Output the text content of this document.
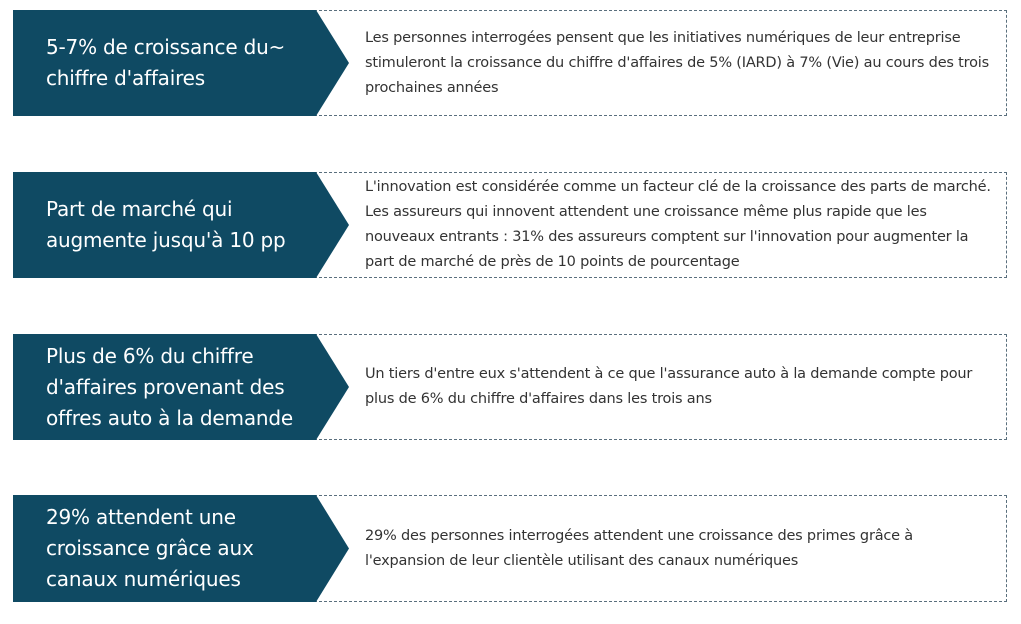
Les personnes interrogées pensent que les initiatives numériques de leur entreprise stimuleront la croissance du chiffre d'affaires de 5% (IARD) à 7% (Vie) au cours des trois prochaines années
5-7% de croissance du~ chiffre d'affaires
L'innovation est considérée comme un facteur clé de la croissance des parts de marché. Les assureurs qui innovent attendent une croissance même plus rapide que les nouveaux entrants : 31% des assureurs comptent sur l'innovation pour augmenter la part de marché de près de 10 points de pourcentage
Part de marché qui augmente jusqu'à 10 pp
Un tiers d'entre eux s'attendent à ce que l'assurance auto à la demande compte pour plus de 6% du chiffre d'affaires dans les trois ans
Plus de 6% du chiffre d'affaires provenant des offres auto à la demande
29% des personnes interrogées attendent une croissance des primes grâce à l'expansion de leur clientèle utilisant des canaux numériques
29% attendent une croissance grâce aux canaux numériques
